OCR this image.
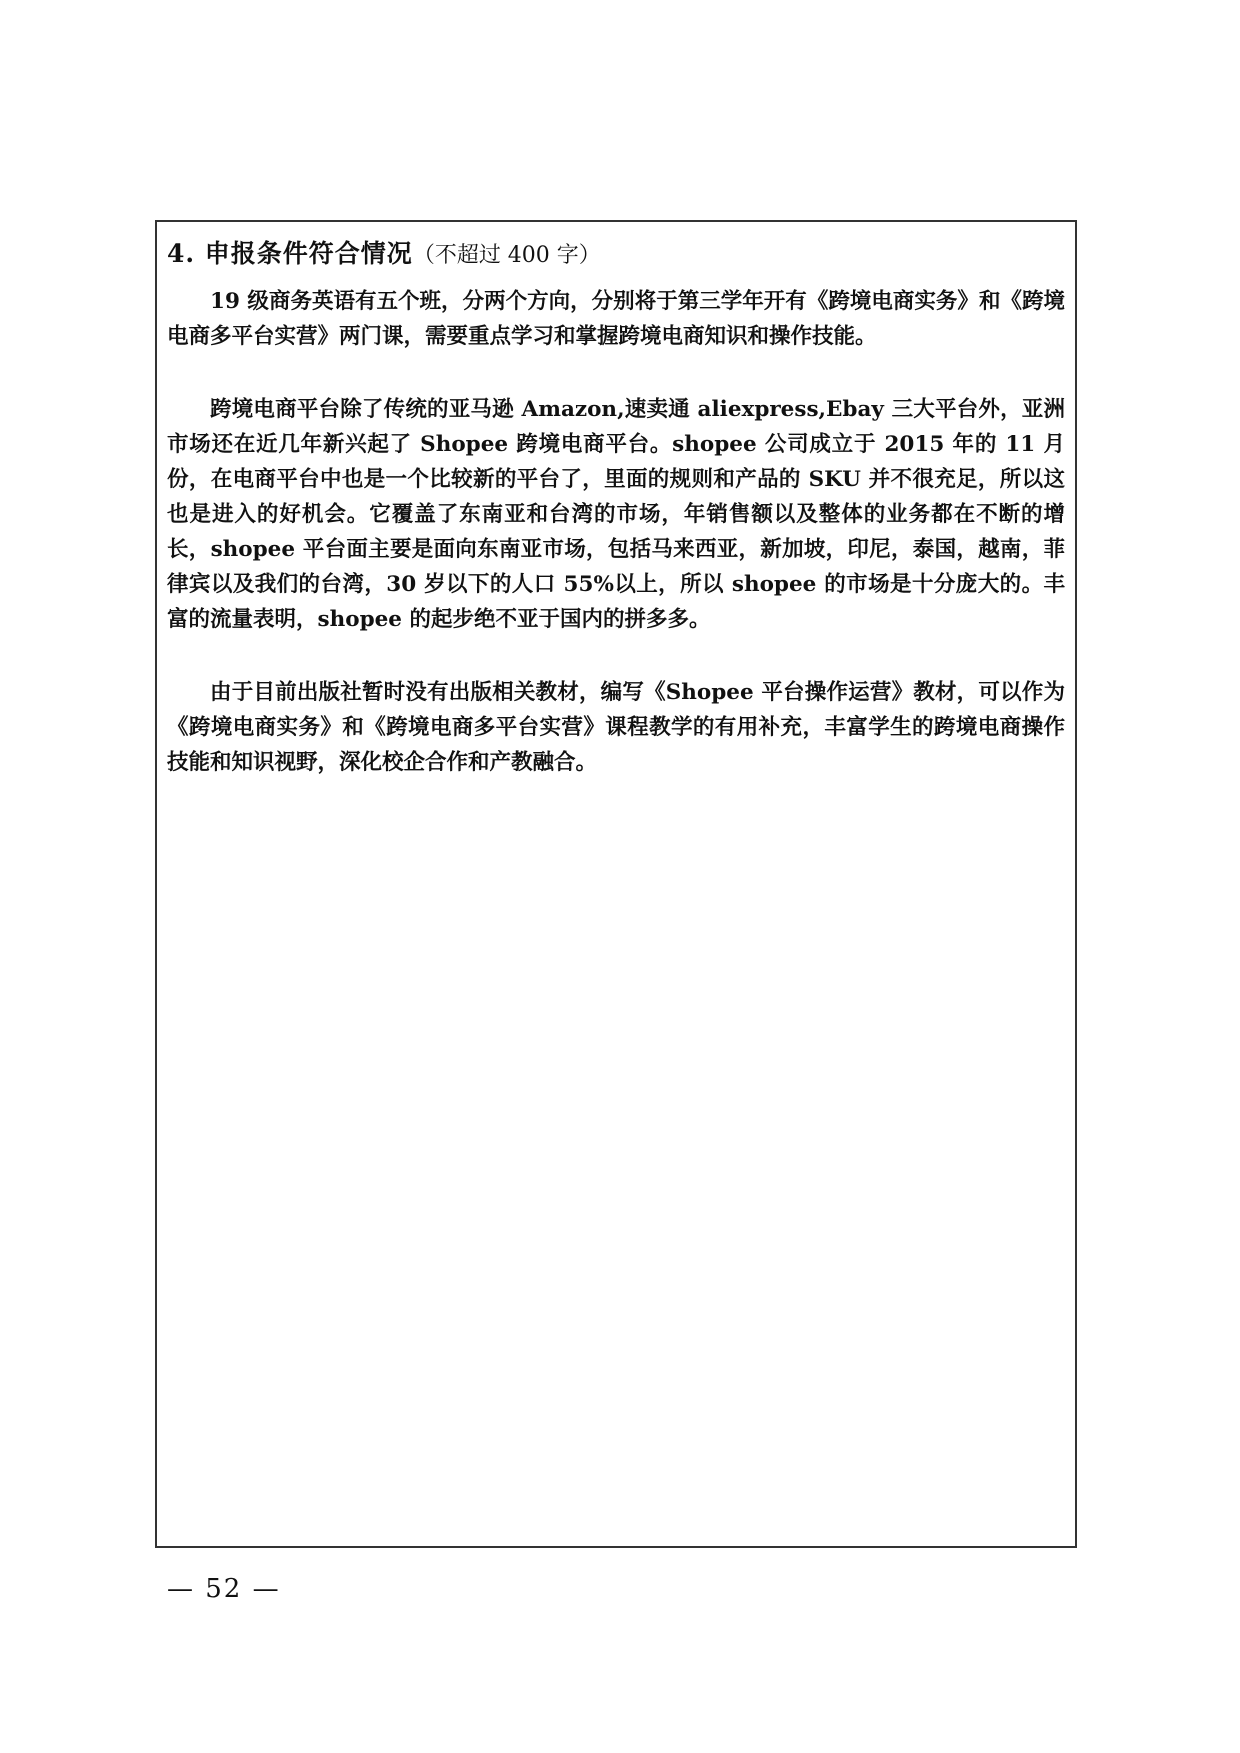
4. 申报条件符合情况（不超过 400 字）

19 级商务英语有五个班，分两个方向，分别将于第三学年开有《跨境电商实务》和《跨境电商多平台实营》两门课，需要重点学习和掌握跨境电商知识和操作技能。

跨境电商平台除了传统的亚马逊 Amazon,速卖通 aliexpress,Ebay 三大平台外，亚洲市场还在近几年新兴起了 Shopee 跨境电商平台。shopee 公司成立于 2015 年的 11 月份，在电商平台中也是一个比较新的平台了，里面的规则和产品的 SKU 并不很充足，所以这也是进入的好机会。它覆盖了东南亚和台湾的市场，年销售额以及整体的业务都在不断的增长，shopee 平台面主要是面向东南亚市场，包括马来西亚，新加坡，印尼，泰国，越南，菲律宾以及我们的台湾，30 岁以下的人口 55%以上，所以 shopee 的市场是十分庞大的。丰富的流量表明，shopee 的起步绝不亚于国内的拼多多。

由于目前出版社暂时没有出版相关教材，编写《Shopee 平台操作运营》教材，可以作为《跨境电商实务》和《跨境电商多平台实营》课程教学的有用补充，丰富学生的跨境电商操作技能和知识视野，深化校企合作和产教融合。

— 52 —
